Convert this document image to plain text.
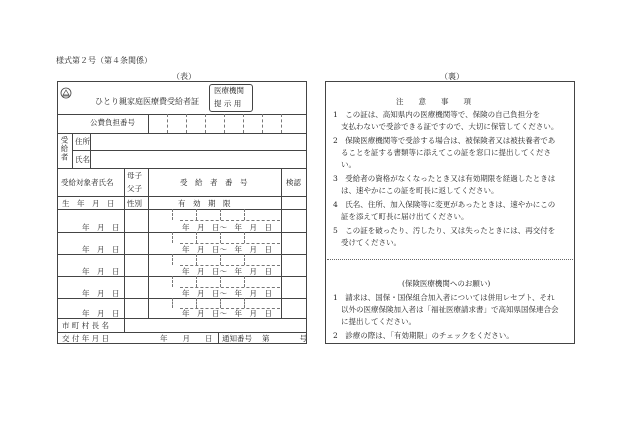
様式第２号（第４条関係）
（表）	（裏）
ひとり親家庭医療費受給者証
医療機関
提 示 用
公費負担番号
受給者 住所
氏名
受給対象者氏名
母子
父子
受　給　者　番　号	検認
生　年　月　日 性別	有　効　期　限
年　月　日	年　月　日～　年　月　日
年　月　日	年　月　日～　年　月　日
年　月　日	年　月　日～　年　月　日
年　月　日	年　月　日～　年　月　日
年　月　日	年　月　日～　年　月　日
市 町 村 長 名
交 付 年 月 日	年　　月　　日 通知番号 第　　　　号
注　　意　　事　　項
1　この証は、高知県内の医療機関等で、保険の自己負担分を
支払わないで受診できる証ですので、大切に保管してください。
2　保険医療機関等で受診する場合は、被保険者又は被扶養者であ
ることを証する書類等に添えてこの証を窓口に提出してくださ
い。
3　受給者の資格がなくなったとき又は有効期限を経過したときは
は、速やかにこの証を町長に返してください。
4　氏名、住所、加入保険等に変更があったときは、速やかにこの
証を添えて町長に届け出てください。
5　この証を破ったり、汚したり、又は失ったときには、再交付を
受けてください。
(保険医療機関へのお願い)
1　請求は、国保・国保組合加入者については併用レセプト、それ
以外の医療保険加入者は「福祉医療請求書」で高知県国保連合会
に提出してください。
2　診療の際は、「有効期限」のチェックをください。
